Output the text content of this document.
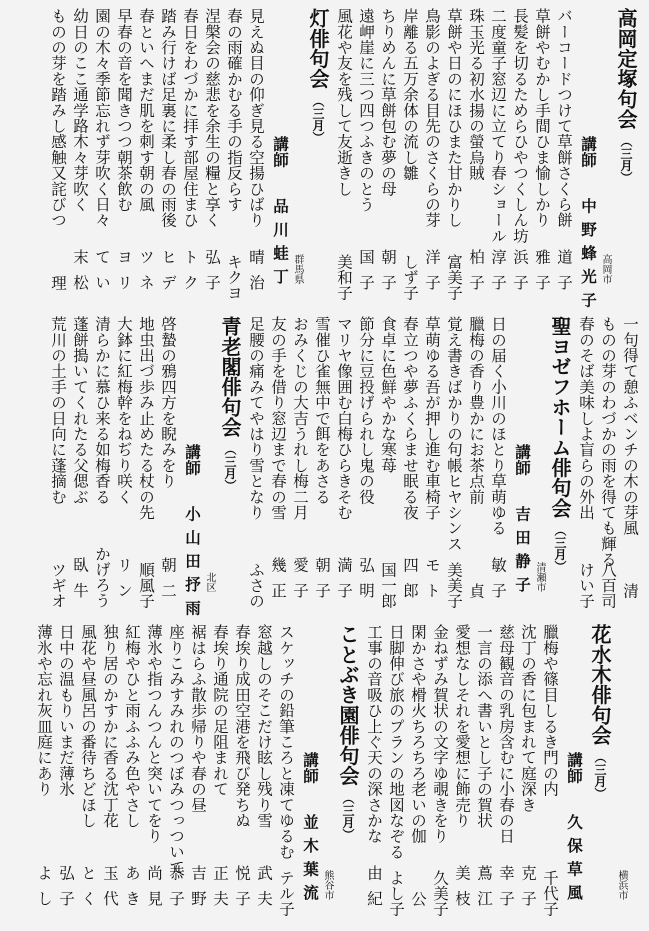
高岡定塚句会（三月）
高岡市
講師
中野蜂光子
バーコードつけて草餅さくら餅
道子
草餅やむかし手間ひま愉しかり
雅子
長髪を切るためらひやつくしん坊
浜子
二度童子窓辺に立てり春ショール
淳子
珠玉光る初水揚の螢烏賊
柏子
草餅や日のにほひまた甘かりし
富美子
鳥影のよぎる目先のさくらの芽
洋子
岸離る五万余体の流し雛
しず子
ちりめんに草餅包む夢の母
朝子
遠岬崖に三つ四つふきのとう
国子
風花や友を残して友逝きし
美和子
灯俳句会（三月）
群馬県
講師
品川蛙丁
見えぬ目の仰ぎ見る空揚ひばり
晴治
春の雨確かむる手の指反らす
キクヨ
涅槃会の慈悲を余生の糧と享く
弘子
春日をわづかに拝す部屋住まひ
トク
踏み行けば足裏に柔し春の雨後
ヒデ
春といへまだ肌を刺す朝の風
ツネ
早春の音を聞きつつ朝茶飲む
ヨリ
園の木々季節忘れず芽吹く日々
てい
幼日のここ通学路木々芽吹く
末松
ものの芽を踏みし感触又詫びつ
理
一句得て憩ふベンチの木の芽風
清
ものの芽のわづかの雨を得ても輝る
八百司
春のそば美味しよ盲らの外出
けい子
聖ヨゼフホーム俳句会（三月）
清瀬市
講師
吉田静子
日の届く小川のほとり草萌ゆる
敏子
臘梅の香り豊かにお茶点前
貞
覚え書きばかりの句帳ヒヤシンス
美美子
草萌ゆる吾が押し進む車椅子
モト
春立つや夢ふくらませ眠る夜
四郎
食卓に色鮮やかな寒苺
国一郎
節分に豆投げられし鬼の役
弘明
マリヤ像囲む白梅ひらきそむ
満子
雪催ひ雀無中で餌をあさる
朝子
おみくじの大吉うれし梅二月
愛子
友の手を借り窓辺まで春の雪
幾正
足腰の痛みてやはり雪となり
ふさの
青老閣俳句会（三月）
北区
講師
小山田抒雨
啓蟄の鴉四方を睨みをり
朝二
地虫出づ歩み止めたる杖の先
順風子
大鉢に紅梅幹をねぢり咲く
リン
清らかに慕ひ来る如梅香る
かげろう
蓬餅搗いてくれたる父偲ぶ
臥牛
荒川の土手の日向に蓬摘む
ツギオ
横浜市
花水木俳句会（三月）
講師
久保草風
臘梅や篠目しるき門の内
千代子
沈丁の香に包まれて庭深き
克子
慈母観音の乳房含むに小春の日
幸子
一言の添へ書いとし子の賀状
蔦江
愛想なしそれを愛想に飾売り
美枝
金ねずみ賀状の文字ゆ覗きをり
久美子
閑かさや榾火ちろちろ老いの伽
公
日脚伸び旅のプランの地図なぞる
よし子
工事の音吸ひ上ぐ天の深さかな
由紀
ことぶき園俳句会（三月）
熊谷市
講師
並木葉流
スケッチの鉛筆ころと凍てゆるむ
テル子
窓越しのそこだけ眩し残り雪
武夫
春埃り成田空港を飛び発ちぬ
悦子
春埃り通院の足阻まれて
正夫
裾はらふ散歩帰りや春の昼
吉野
座りこみすみれのつぼみつっついて
恭子
薄氷や指つんつんと突いてをり
尚見
紅梅やひと雨ふふみ色やさし
あき
独り居のかすかに香る沈丁花
玉代
風花や昼風呂の番待ちどほし
とく
日中の温もりいまだ薄氷
弘子
薄氷や忘れ灰皿庭にあり
よし
